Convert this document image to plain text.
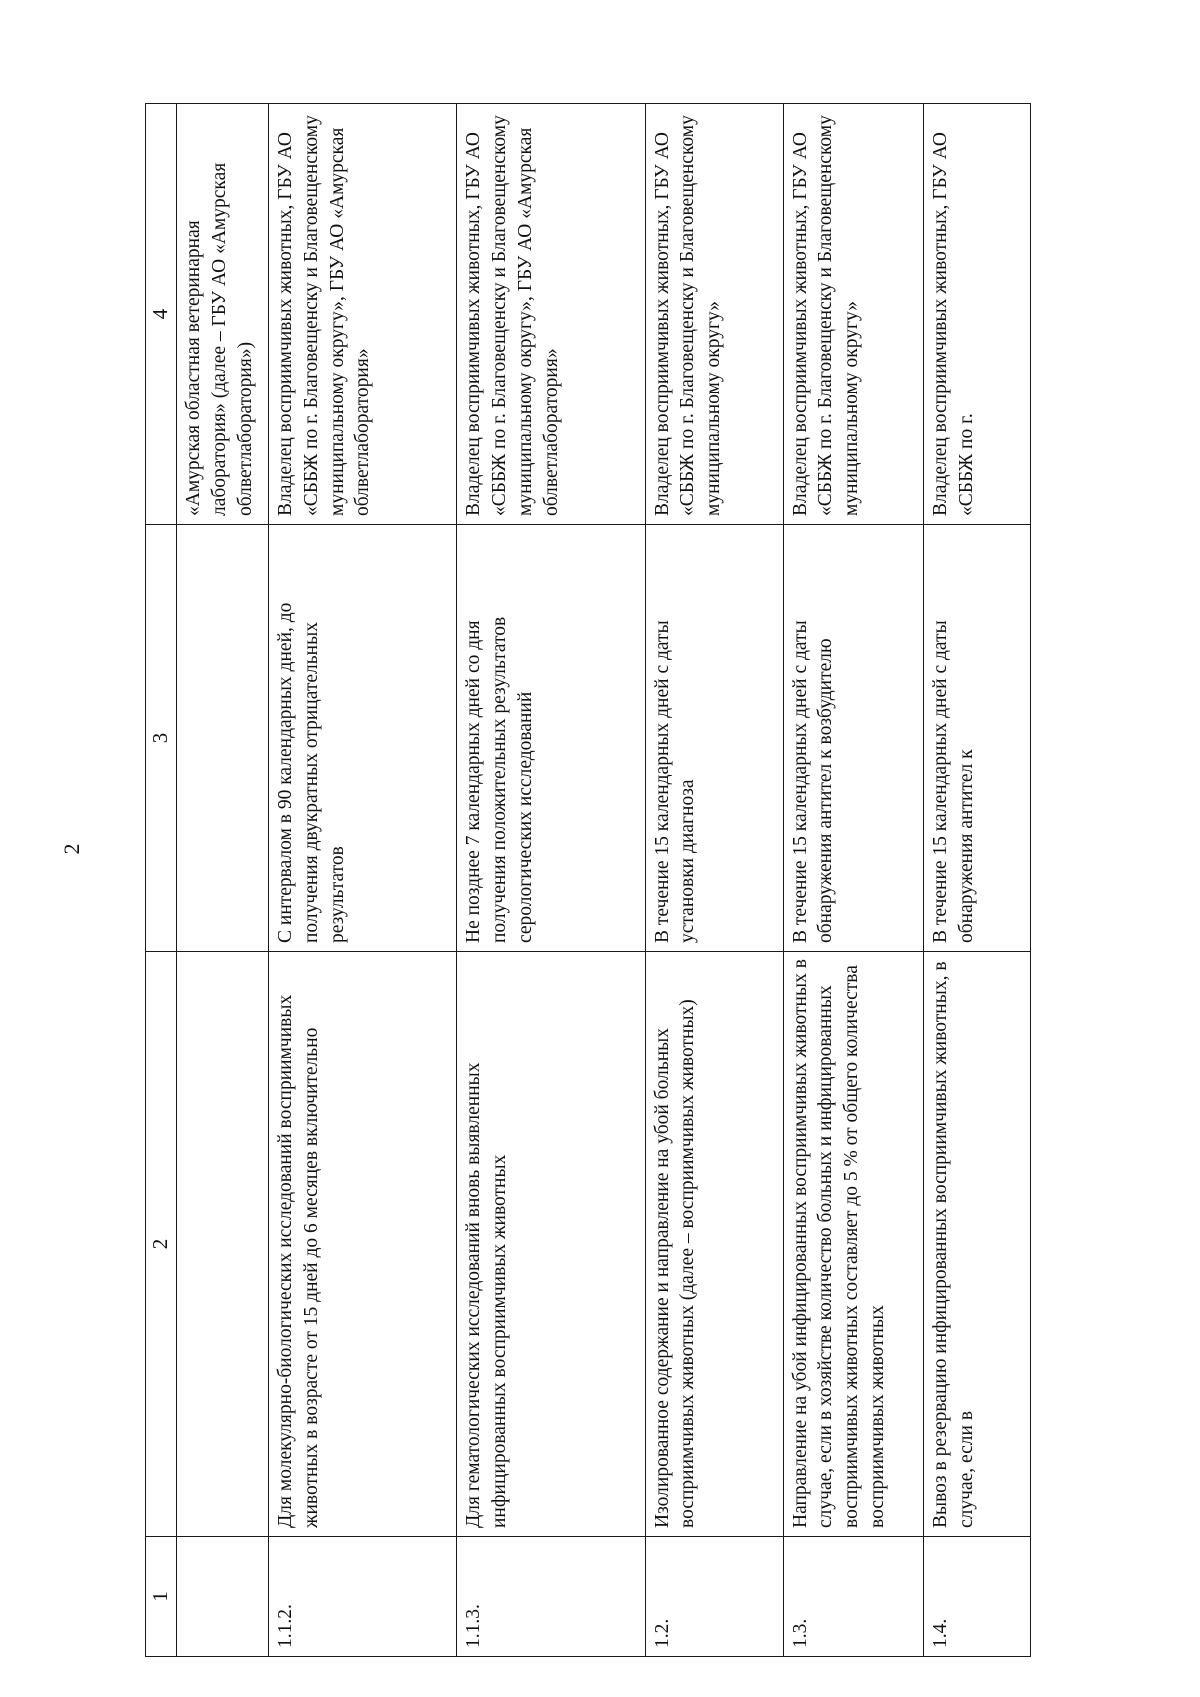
2
1	2	3	4
			«Амурская областная ветеринарная лаборатория» (далее – ГБУ АО «Амурская облветлаборатория»)
1.1.2.	Для молекулярно-биологических исследований восприимчивых животных в возрасте от 15 дней до 6 месяцев включительно	С интервалом в 90 календарных дней, до получения двукратных отрицательных результатов	Владелец восприимчивых животных, ГБУ АО «СББЖ по г. Благовещенску и Благовещенскому муниципальному округу», ГБУ АО «Амурская облветлаборатория»
1.1.3.	Для гематологических исследований вновь выявленных инфицированных восприимчивых животных	Не позднее 7 календарных дней со дня получения положительных результатов серологических исследований	Владелец восприимчивых животных, ГБУ АО «СББЖ по г. Благовещенску и Благовещенскому муниципальному округу», ГБУ АО «Амурская облветлаборатория»
1.2.	Изолированное содержание и направление на убой больных восприимчивых животных (далее – восприимчивых животных)	В течение 15 календарных дней с даты установки диагноза	Владелец восприимчивых животных, ГБУ АО «СББЖ по г. Благовещенску и Благовещенскому муниципальному округу»
1.3.	Направление на убой инфицированных восприимчивых животных в случае, если в хозяйстве количество больных и инфицированных восприимчивых животных составляет до 5 % от общего количества восприимчивых животных	В течение 15 календарных дней с даты обнаружения антител к возбудителю	Владелец восприимчивых животных, ГБУ АО «СББЖ по г. Благовещенску и Благовещенскому муниципальному округу»
1.4.	Вывоз в резервацию инфицированных восприимчивых животных, в случае, если в	В течение 15 календарных дней с даты обнаружения антител к	Владелец восприимчивых животных, ГБУ АО «СББЖ по г.
